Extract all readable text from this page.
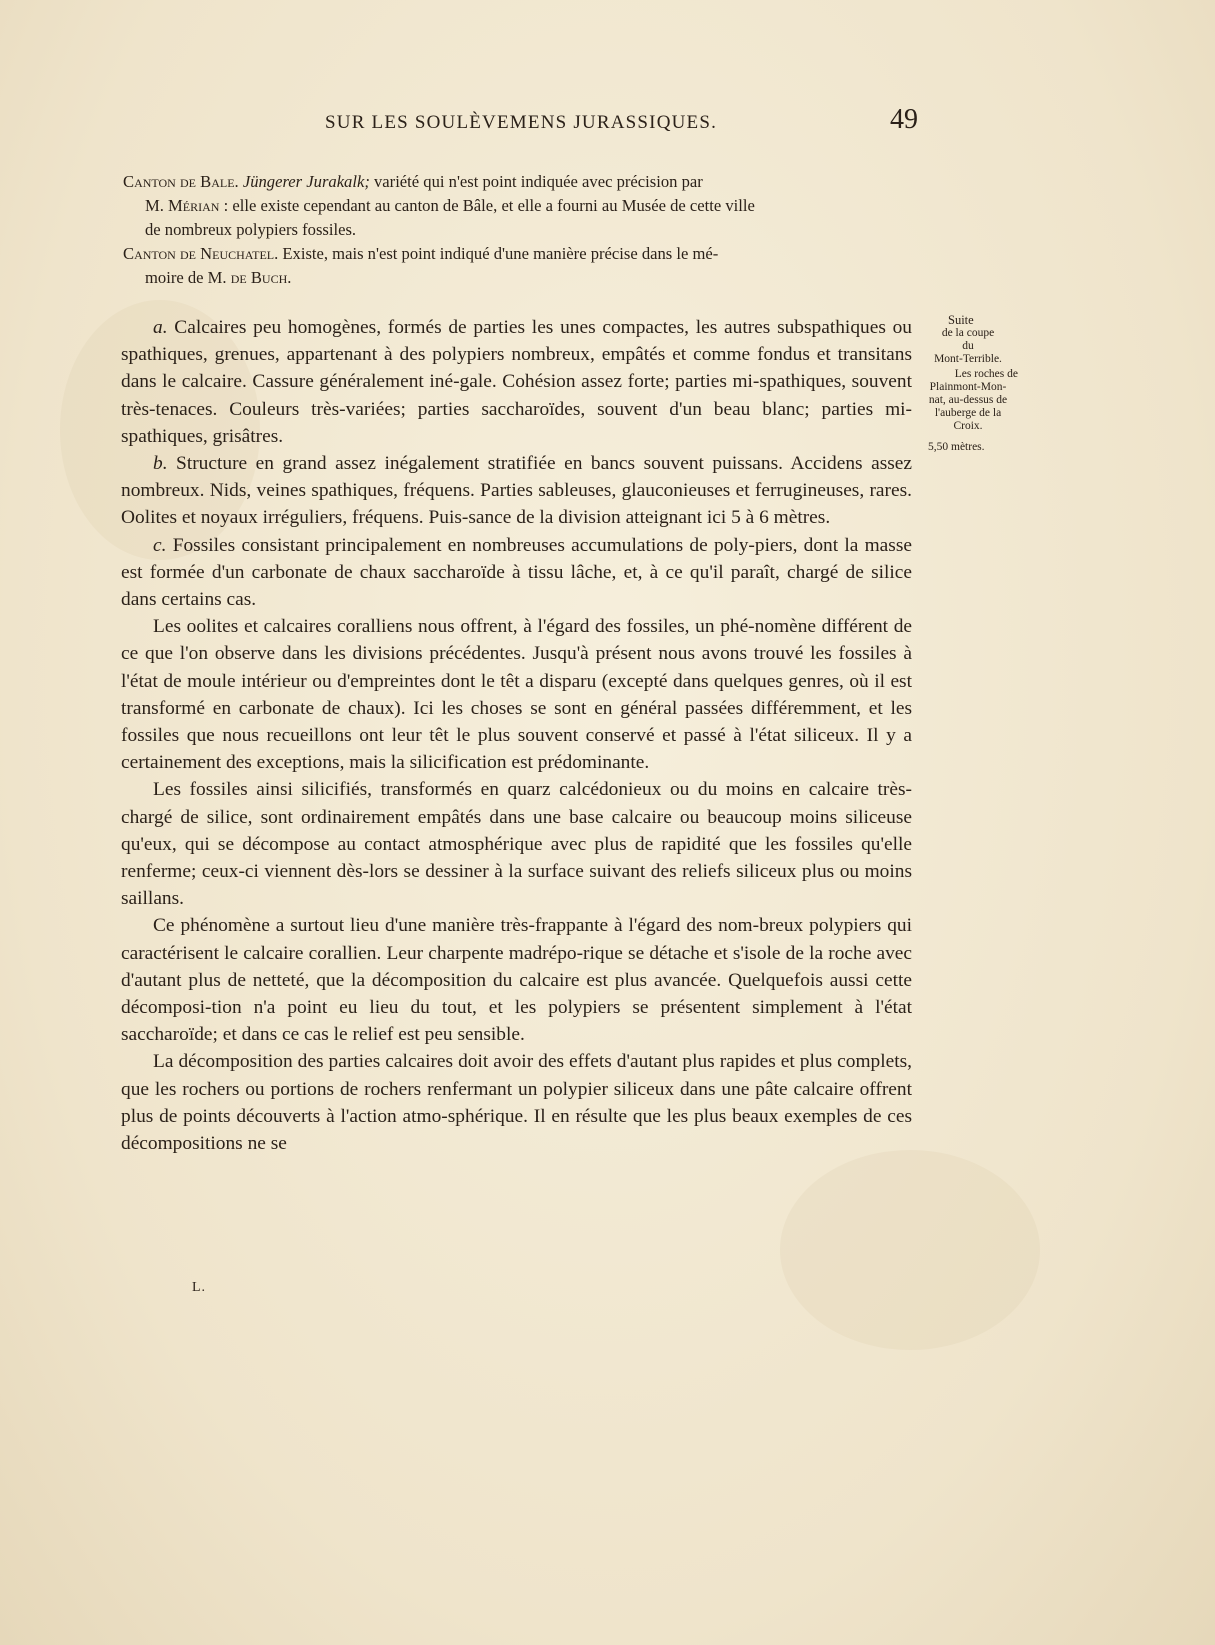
SUR LES SOULÈVEMENS JURASSIQUES.	49

Canton de Bale. Jüngerer Jurakalk; variété qui n'est point indiquée avec précision par

M. Mérian : elle existe cependant au canton de Bâle, et elle a fourni au Musée de cette ville

de nombreux polypiers fossiles.

Canton de Neuchatel. Existe, mais n'est point indiqué d'une manière précise dans le mé-

moire de M. de Buch.

a. Calcaires peu homogènes, formés de parties les unes compactes, les autres subspathiques ou spathiques, grenues, appartenant à des polypiers nombreux, empâtés et comme fondus et transitans dans le calcaire. Cassure généralement iné-gale. Cohésion assez forte; parties mi-spathiques, souvent très-tenaces. Couleurs très-variées; parties saccharoïdes, souvent d'un beau blanc; parties mi-spathiques, grisâtres.

b. Structure en grand assez inégalement stratifiée en bancs souvent puissans. Accidens assez nombreux. Nids, veines spathiques, fréquens. Parties sableuses, glauconieuses et ferrugineuses, rares. Oolites et noyaux irréguliers, fréquens. Puis-sance de la division atteignant ici 5 à 6 mètres.

c. Fossiles consistant principalement en nombreuses accumulations de poly-piers, dont la masse est formée d'un carbonate de chaux saccharoïde à tissu lâche, et, à ce qu'il paraît, chargé de silice dans certains cas.

Les oolites et calcaires coralliens nous offrent, à l'égard des fossiles, un phé-nomène différent de ce que l'on observe dans les divisions précédentes. Jusqu'à présent nous avons trouvé les fossiles à l'état de moule intérieur ou d'empreintes dont le têt a disparu (excepté dans quelques genres, où il est transformé en carbonate de chaux). Ici les choses se sont en général passées différemment, et les fossiles que nous recueillons ont leur têt le plus souvent conservé et passé à l'état siliceux. Il y a certainement des exceptions, mais la silicification est prédominante.

Les fossiles ainsi silicifiés, transformés en quarz calcédonieux ou du moins en calcaire très-chargé de silice, sont ordinairement empâtés dans une base calcaire ou beaucoup moins siliceuse qu'eux, qui se décompose au contact atmosphérique avec plus de rapidité que les fossiles qu'elle renferme; ceux-ci viennent dès-lors se dessiner à la surface suivant des reliefs siliceux plus ou moins saillans.

Ce phénomène a surtout lieu d'une manière très-frappante à l'égard des nom-breux polypiers qui caractérisent le calcaire corallien. Leur charpente madrépo-rique se détache et s'isole de la roche avec d'autant plus de netteté, que la décomposition du calcaire est plus avancée. Quelquefois aussi cette décomposi-tion n'a point eu lieu du tout, et les polypiers se présentent simplement à l'état saccharoïde; et dans ce cas le relief est peu sensible.

La décomposition des parties calcaires doit avoir des effets d'autant plus rapides et plus complets, que les rochers ou portions de rochers renfermant un polypier siliceux dans une pâte calcaire offrent plus de points découverts à l'action atmo-sphérique. Il en résulte que les plus beaux exemples de ces décompositions ne se

Suite
de la coupe
du
Mont-Terrible.
Les roches de
Plainmont-Mon-
nat, au-dessus de
l'auberge de la
Croix.
5,50 mètres.
L.
